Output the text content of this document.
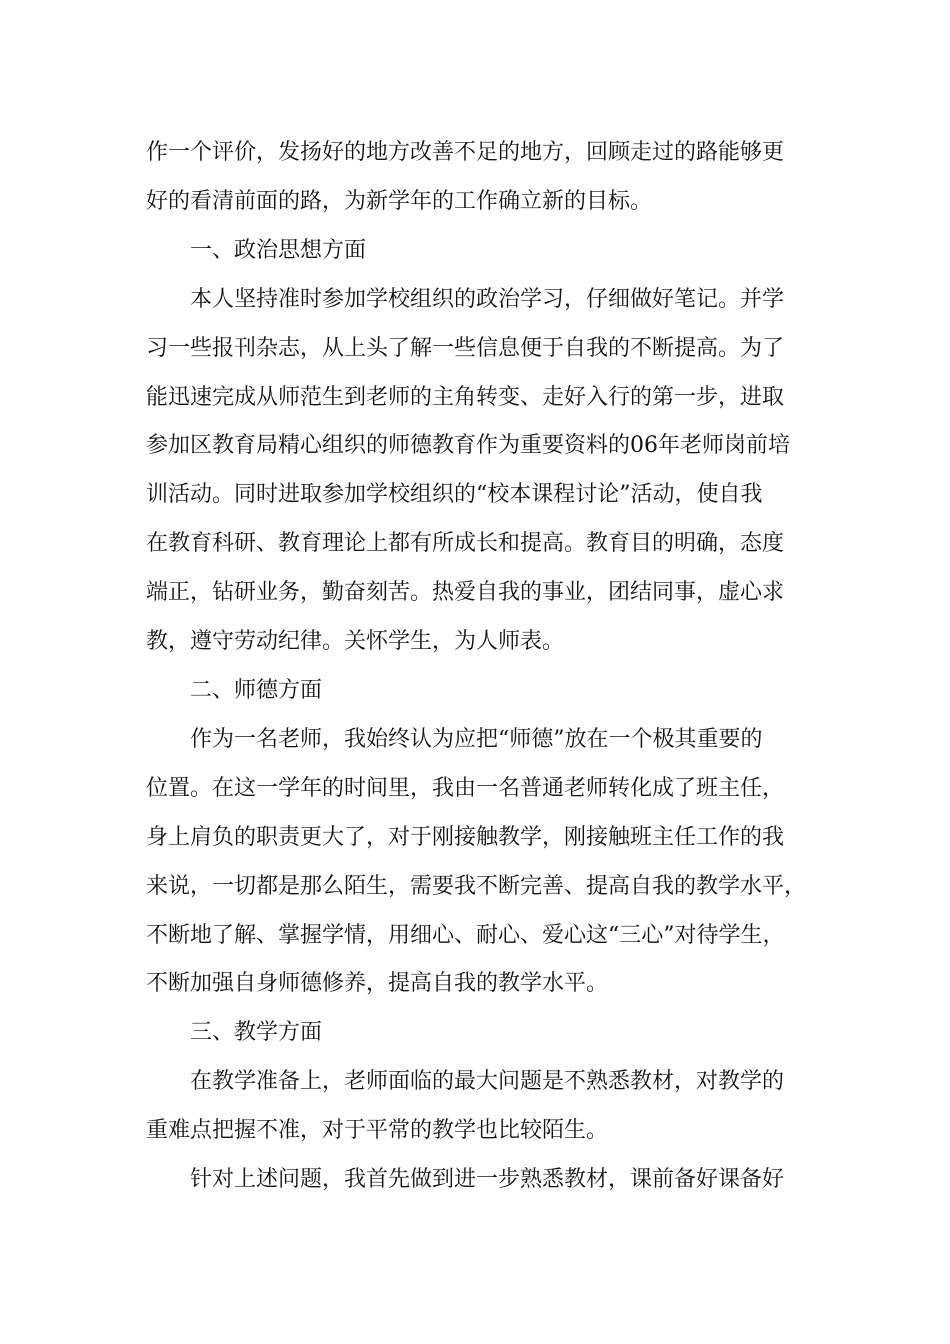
作一个评价，发扬好的地方改善不足的地方，回顾走过的路能够更
好的看清前面的路，为新学年的工作确立新的目标。

一、政治思想方面

本人坚持准时参加学校组织的政治学习，仔细做好笔记。并学
习一些报刊杂志，从上头了解一些信息便于自我的不断提高。为了
能迅速完成从师范生到老师的主角转变、走好入行的第一步，进取
参加区教育局精心组织的师德教育作为重要资料的06年老师岗前培
训活动。同时进取参加学校组织的“校本课程讨论”活动，使自我
在教育科研、教育理论上都有所成长和提高。教育目的明确，态度
端正，钻研业务，勤奋刻苦。热爱自我的事业，团结同事，虚心求
教，遵守劳动纪律。关怀学生，为人师表。

二、师德方面

作为一名老师，我始终认为应把“师德”放在一个极其重要的
位置。在这一学年的时间里，我由一名普通老师转化成了班主任，
身上肩负的职责更大了，对于刚接触教学，刚接触班主任工作的我
来说，一切都是那么陌生，需要我不断完善、提高自我的教学水平，
不断地了解、掌握学情，用细心、耐心、爱心这“三心”对待学生，
不断加强自身师德修养，提高自我的教学水平。

三、教学方面

在教学准备上，老师面临的最大问题是不熟悉教材，对教学的
重难点把握不准，对于平常的教学也比较陌生。

针对上述问题，我首先做到进一步熟悉教材，课前备好课备好
